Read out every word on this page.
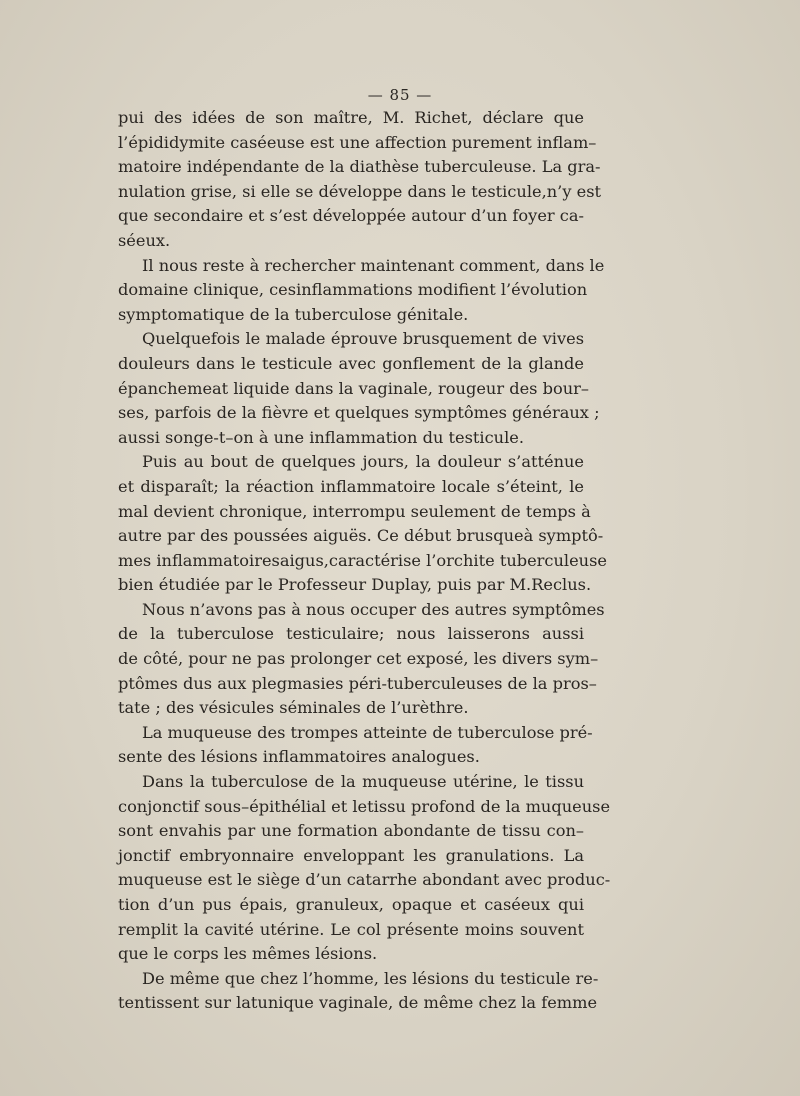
— 85 —
pui des idées de son maître, M. Richet, déclare que
l’épididymite caséeuse est une affection purement inflam–
matoire indépendante de la diathèse tuberculeuse. La gra-
nulation grise, si elle se développe dans le testicule,n’y est
que secondaire et s’est développée autour d’un foyer ca-
séeux.
Il nous reste à rechercher maintenant comment, dans le
domaine clinique, cesinflammations modifient l’évolution
symptomatique de la tuberculose génitale.
Quelquefois le malade éprouve brusquement de vives
douleurs dans le testicule avec gonflement de la glande
épanchemeat liquide dans la vaginale, rougeur des bour–
ses, parfois de la fièvre et quelques symptômes généraux ;
aussi songe-t–on à une inflammation du testicule.
Puis au bout de quelques jours, la douleur s’atténue
et disparaît; la réaction inflammatoire locale s’éteint, le
mal devient chronique, interrompu seulement de temps à
autre par des poussées aiguës. Ce début brusqueà symptô-
mes inflammatoiresaigus,caractérise l’orchite tuberculeuse
bien étudiée par le Professeur Duplay, puis par M.Reclus.
Nous n’avons pas à nous occuper des autres symptômes
de la tuberculose testiculaire; nous laisserons aussi
de côté, pour ne pas prolonger cet exposé, les divers sym–
ptômes dus aux plegmasies péri-tuberculeuses de la pros–
tate ; des vésicules séminales de l’urèthre.
La muqueuse des trompes atteinte de tuberculose pré-
sente des lésions inflammatoires analogues.
Dans la tuberculose de la muqueuse utérine, le tissu
conjonctif sous–épithélial et letissu profond de la muqueuse
sont envahis par une formation abondante de tissu con–
jonctif embryonnaire enveloppant les granulations. La
muqueuse est le siège d’un catarrhe abondant avec produc-
tion d’un pus épais, granuleux, opaque et caséeux qui
remplit la cavité utérine. Le col présente moins souvent
que le corps les mêmes lésions.
De même que chez l’homme, les lésions du testicule re-
tentissent sur latunique vaginale, de même chez la femme
